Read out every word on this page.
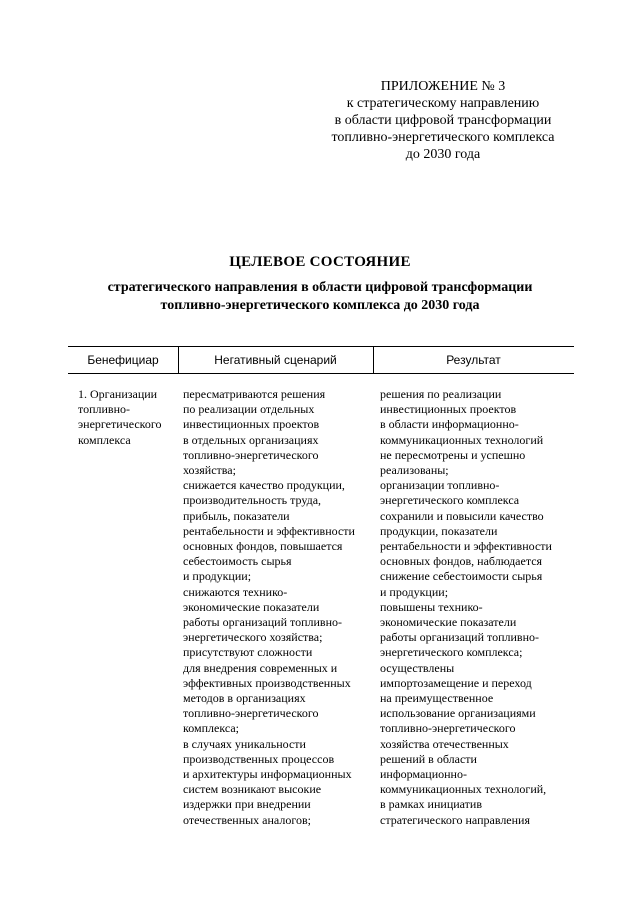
ПРИЛОЖЕНИЕ № 3
к стратегическому направлению
в области цифровой трансформации
топливно-энергетического комплекса
до 2030 года
ЦЕЛЕВОЕ СОСТОЯНИЕ
стратегического направления в области цифровой трансформации
топливно-энергетического комплекса до 2030 года
Бенефициар	Негативный сценарий	Результат
1. Организации
топливно-
энергетического
комплекса
пересматриваются решения
по реализации отдельных
инвестиционных проектов
в отдельных организациях
топливно-энергетического
хозяйства;
снижается качество продукции,
производительность труда,
прибыль, показатели
рентабельности и эффективности
основных фондов, повышается
себестоимость сырья
и продукции;
снижаются технико-
экономические показатели
работы организаций топливно-
энергетического хозяйства;
присутствуют сложности
для внедрения современных и
эффективных производственных
методов в организациях
топливно-энергетического
комплекса;
в случаях уникальности
производственных процессов
и архитектуры информационных
систем возникают высокие
издержки при внедрении
отечественных аналогов;
решения по реализации
инвестиционных проектов
в области информационно-
коммуникационных технологий
не пересмотрены и успешно
реализованы;
организации топливно-
энергетического комплекса
сохранили и повысили качество
продукции, показатели
рентабельности и эффективности
основных фондов, наблюдается
снижение себестоимости сырья
и продукции;
повышены технико-
экономические показатели
работы организаций топливно-
энергетического комплекса;
осуществлены
импортозамещение и переход
на преимущественное
использование организациями
топливно-энергетического
хозяйства отечественных
решений в области
информационно-
коммуникационных технологий,
в рамках инициатив
стратегического направления
